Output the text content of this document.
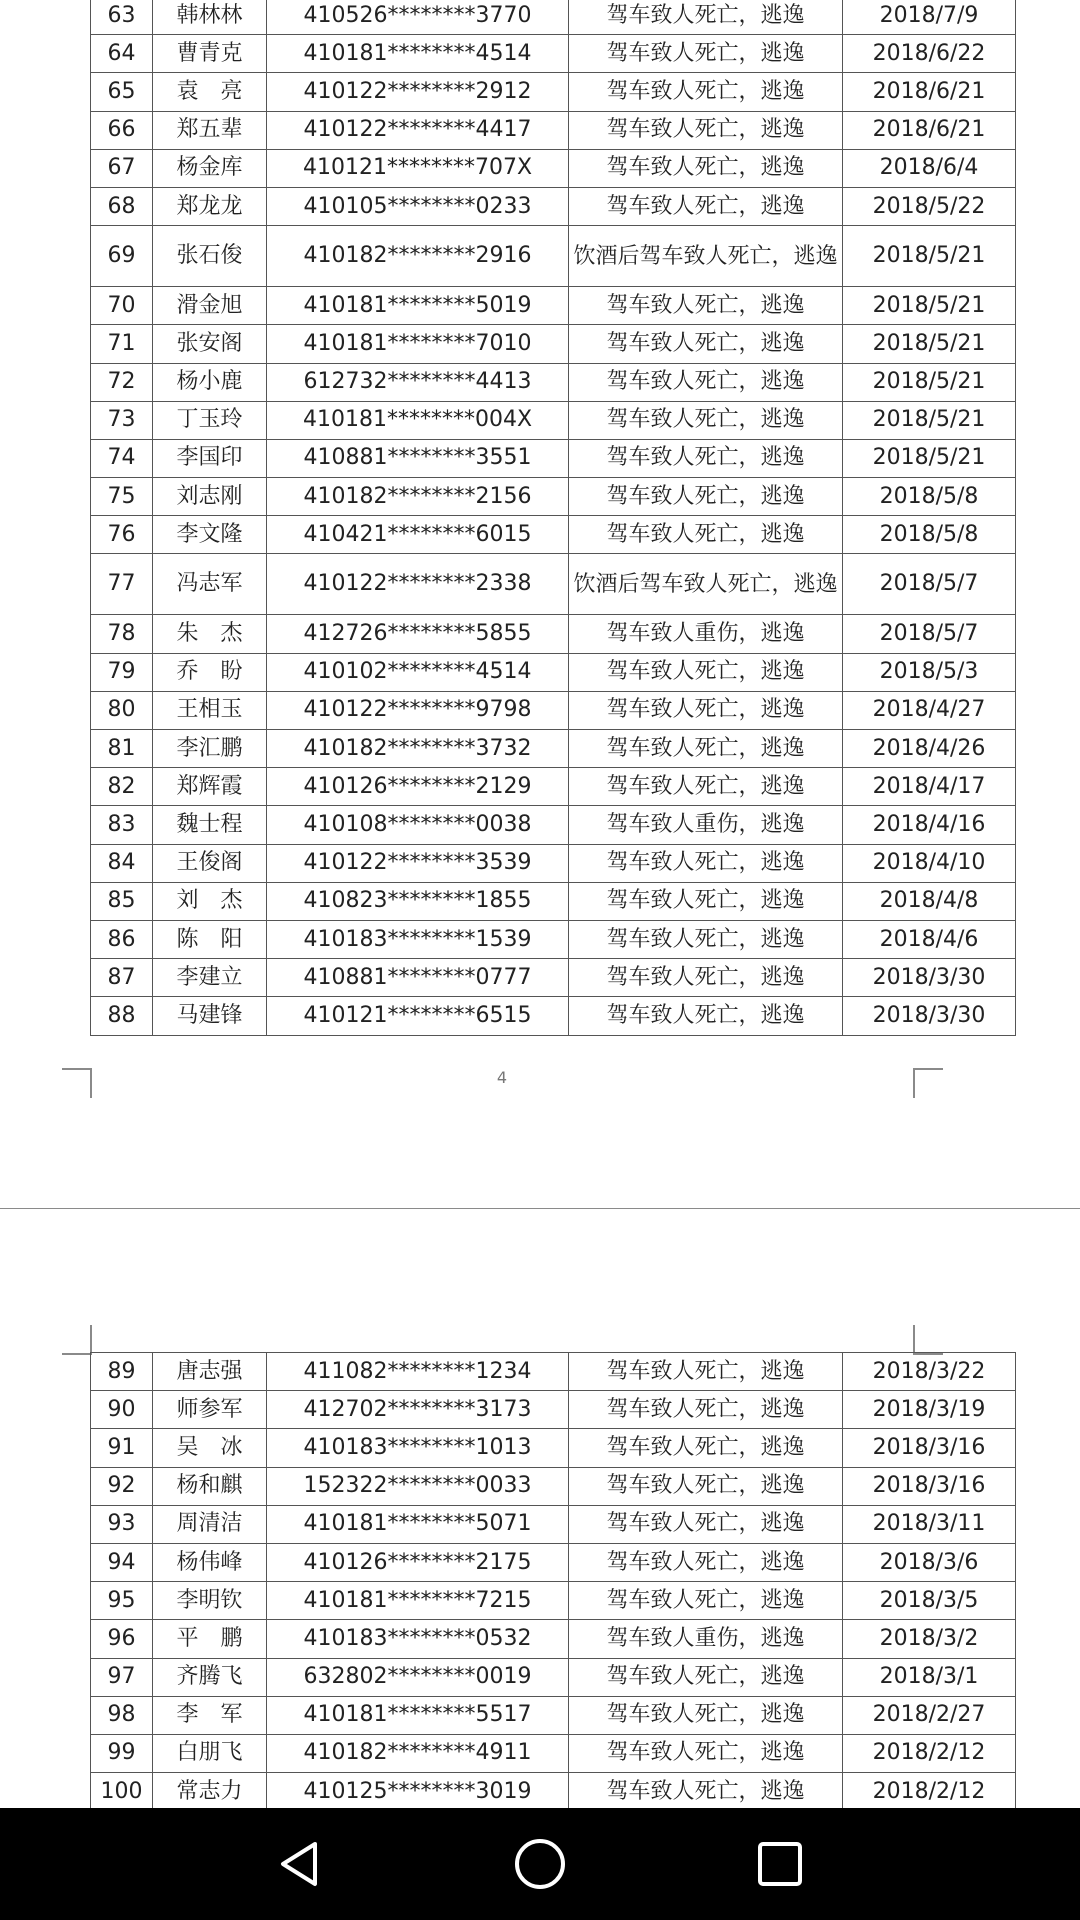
63	韩林林	410526********3770	驾车致人死亡，逃逸	2018/7/9
64	曹青克	410181********4514	驾车致人死亡，逃逸	2018/6/22
65	袁　亮	410122********2912	驾车致人死亡，逃逸	2018/6/21
66	郑五辈	410122********4417	驾车致人死亡，逃逸	2018/6/21
67	杨金库	410121********707X	驾车致人死亡，逃逸	2018/6/4
68	郑龙龙	410105********0233	驾车致人死亡，逃逸	2018/5/22
69	张石俊	410182********2916	饮酒后驾车致人死亡，逃逸	2018/5/21
70	滑金旭	410181********5019	驾车致人死亡，逃逸	2018/5/21
71	张安阁	410181********7010	驾车致人死亡，逃逸	2018/5/21
72	杨小鹿	612732********4413	驾车致人死亡，逃逸	2018/5/21
73	丁玉玲	410181********004X	驾车致人死亡，逃逸	2018/5/21
74	李国印	410881********3551	驾车致人死亡，逃逸	2018/5/21
75	刘志刚	410182********2156	驾车致人死亡，逃逸	2018/5/8
76	李文隆	410421********6015	驾车致人死亡，逃逸	2018/5/8
77	冯志军	410122********2338	饮酒后驾车致人死亡，逃逸	2018/5/7
78	朱　杰	412726********5855	驾车致人重伤，逃逸	2018/5/7
79	乔　盼	410102********4514	驾车致人死亡，逃逸	2018/5/3
80	王相玉	410122********9798	驾车致人死亡，逃逸	2018/4/27
81	李汇鹏	410182********3732	驾车致人死亡，逃逸	2018/4/26
82	郑辉霞	410126********2129	驾车致人死亡，逃逸	2018/4/17
83	魏士程	410108********0038	驾车致人重伤，逃逸	2018/4/16
84	王俊阁	410122********3539	驾车致人死亡，逃逸	2018/4/10
85	刘　杰	410823********1855	驾车致人死亡，逃逸	2018/4/8
86	陈　阳	410183********1539	驾车致人死亡，逃逸	2018/4/6
87	李建立	410881********0777	驾车致人死亡，逃逸	2018/3/30
88	马建锋	410121********6515	驾车致人死亡，逃逸	2018/3/30
4
89	唐志强	411082********1234	驾车致人死亡，逃逸	2018/3/22
90	师参军	412702********3173	驾车致人死亡，逃逸	2018/3/19
91	吴　冰	410183********1013	驾车致人死亡，逃逸	2018/3/16
92	杨和麒	152322********0033	驾车致人死亡，逃逸	2018/3/16
93	周清洁	410181********5071	驾车致人死亡，逃逸	2018/3/11
94	杨伟峰	410126********2175	驾车致人死亡，逃逸	2018/3/6
95	李明钦	410181********7215	驾车致人死亡，逃逸	2018/3/5
96	平　鹏	410183********0532	驾车致人重伤，逃逸	2018/3/2
97	齐腾飞	632802********0019	驾车致人死亡，逃逸	2018/3/1
98	李　军	410181********5517	驾车致人死亡，逃逸	2018/2/27
99	白朋飞	410182********4911	驾车致人死亡，逃逸	2018/2/12
100	常志力	410125********3019	驾车致人死亡，逃逸	2018/2/12
